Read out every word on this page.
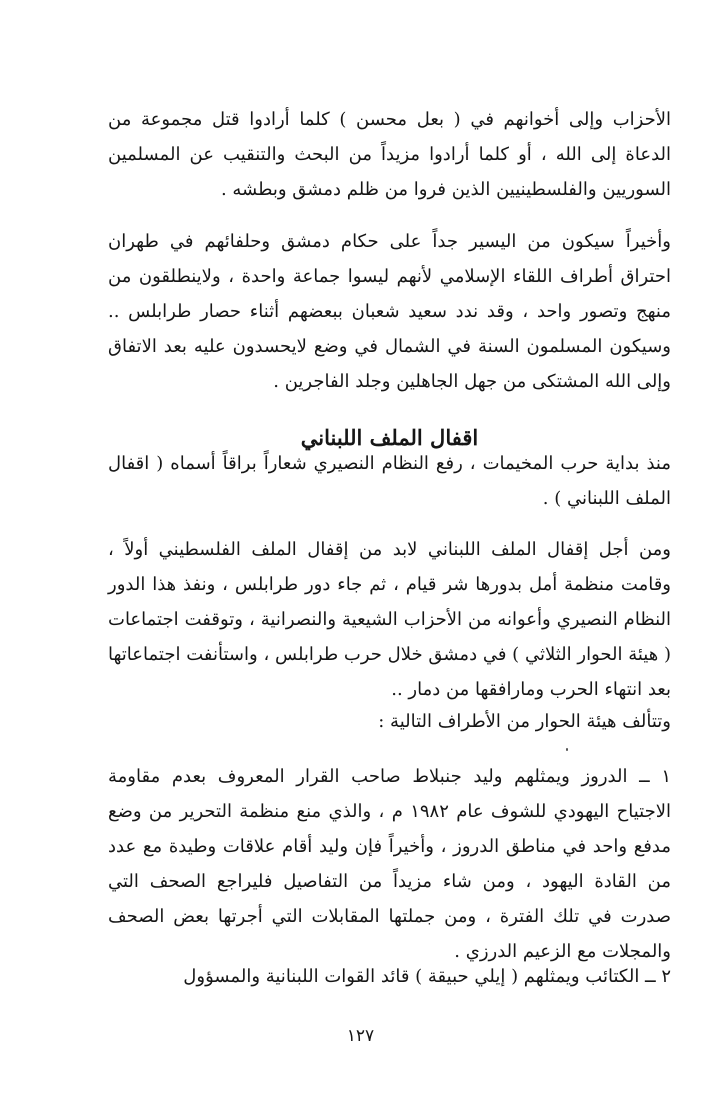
الأحزاب وإلى أخوانهم في ( بعل محسن ) كلما أرادوا قتل مجموعة من الدعاة إلى الله ، أو كلما أرادوا مزيداً من البحث والتنقيب عن المسلمين السوريين والفلسطينيين الذين فروا من ظلم دمشق وبطشه .

وأخيراً سيكون من اليسير جداً على حكام دمشق وحلفائهم في طهران احتراق أطراف اللقاء الإسلامي لأنهم ليسوا جماعة واحدة ، ولاينطلقون من منهج وتصور واحد ، وقد ندد سعيد شعبان ببعضهم أثناء حصار طرابلس .. وسيكون المسلمون السنة في الشمال في وضع لايحسدون عليه بعد الاتفاق وإلى الله المشتكى من جهل الجاهلين وجلد الفاجرين .

اقفال الملف اللبناني

منذ بداية حرب المخيمات ، رفع النظام النصيري شعاراً براقاً أسماه ( اقفال الملف اللبناني ) .

ومن أجل إقفال الملف اللبناني لابد من إقفال الملف الفلسطيني أولاً ، وقامت منظمة أمل بدورها شر قيام ، ثم جاء دور طرابلس ، ونفذ هذا الدور النظام النصيري وأعوانه من الأحزاب الشيعية والنصرانية ، وتوقفت اجتماعات ( هيئة الحوار الثلاثي ) في دمشق خلال حرب طرابلس ، واستأنفت اجتماعاتها بعد انتهاء الحرب ومارافقها من دمار ..

وتتألف هيئة الحوار من الأطراف التالية :

١ ــ الدروز ويمثلهم وليد جنبلاط صاحب القرار المعروف بعدم مقاومة الاجتياح اليهودي للشوف عام ١٩٨٢ م ، والذي منع منظمة التحرير من وضع مدفع واحد في مناطق الدروز ، وأخيراً فإن وليد أقام علاقات وطيدة مع عدد من القادة اليهود ، ومن شاء مزيداً من التفاصيل فليراجع الصحف التي صدرت في تلك الفترة ، ومن جملتها المقابلات التي أجرتها بعض الصحف والمجلات مع الزعيم الدرزي .

٢ ــ الكتائب ويمثلهم ( إيلي حبيقة ) قائد القوات اللبنانية والمسؤول

١٢٧
